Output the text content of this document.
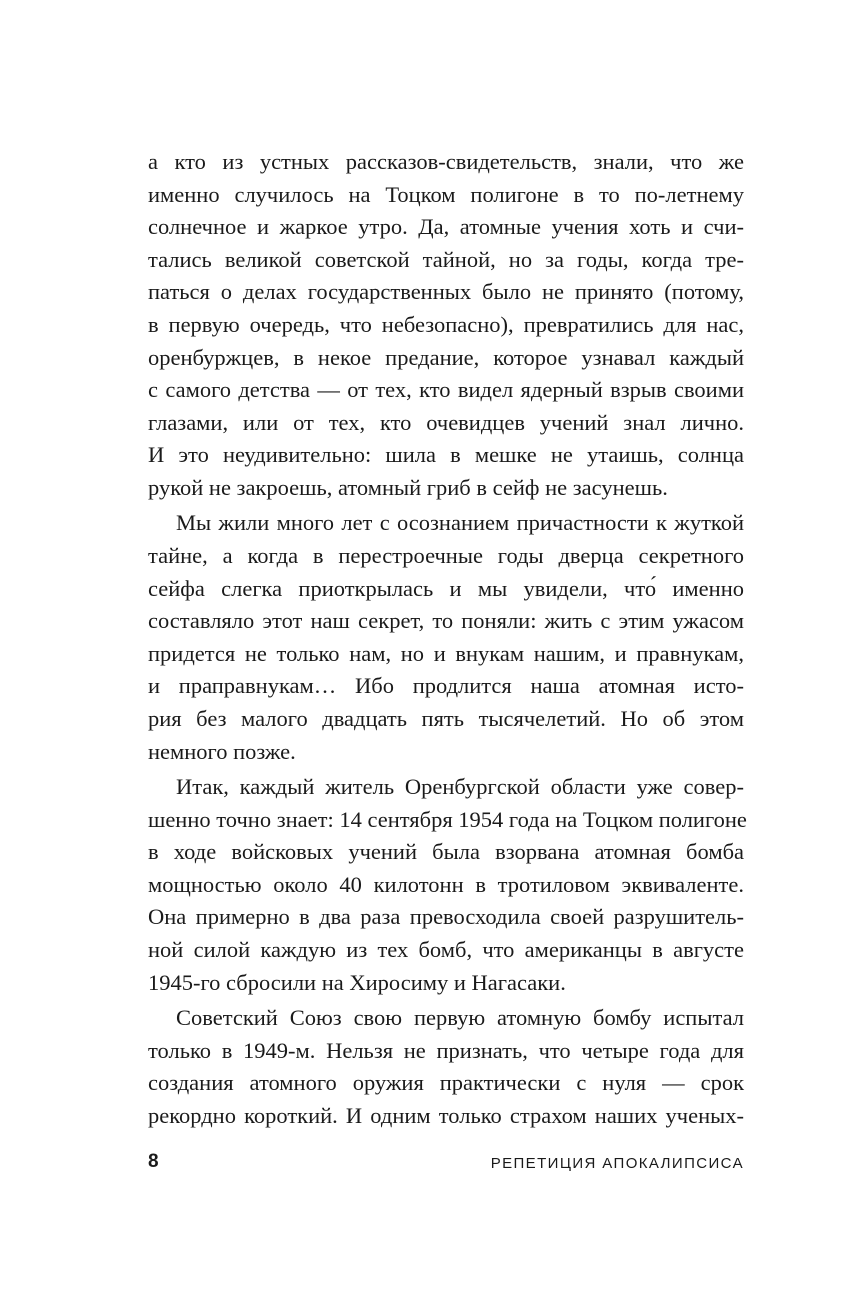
а кто из устных рассказов-свидетельств, знали, что же
именно случилось на Тоцком полигоне в то по-летнему
солнечное и жаркое утро. Да, атомные учения хоть и счи-
тались великой советской тайной, но за годы, когда тре-
паться о делах государственных было не принято (потому,
в первую очередь, что небезопасно), превратились для нас,
оренбуржцев, в некое предание, которое узнавал каждый
с самого детства — от тех, кто видел ядерный взрыв своими
глазами, или от тех, кто очевидцев учений знал лично.
И это неудивительно: шила в мешке не утаишь, солнца
рукой не закроешь, атомный гриб в сейф не засунешь.
Мы жили много лет с осознанием причастности к жуткой
тайне, а когда в перестроечные годы дверца секретного
сейфа слегка приоткрылась и мы увидели, что́ именно
составляло этот наш секрет, то поняли: жить с этим ужасом
придется не только нам, но и внукам нашим, и правнукам,
и праправнукам… Ибо продлится наша атомная исто-
рия без малого двадцать пять тысячелетий. Но об этом
немного позже.
Итак, каждый житель Оренбургской области уже совер-
шенно точно знает: 14 сентября 1954 года на Тоцком полигоне
в ходе войсковых учений была взорвана атомная бомба
мощностью около 40 килотонн в тротиловом эквиваленте.
Она примерно в два раза превосходила своей разрушитель-
ной силой каждую из тех бомб, что американцы в августе
1945-го сбросили на Хиросиму и Нагасаки.
Советский Союз свою первую атомную бомбу испытал
только в 1949-м. Нельзя не признать, что четыре года для
создания атомного оружия практически с нуля — срок
рекордно короткий. И одним только страхом наших ученых-
8	РЕПЕТИЦИЯ АПОКАЛИПСИСА
